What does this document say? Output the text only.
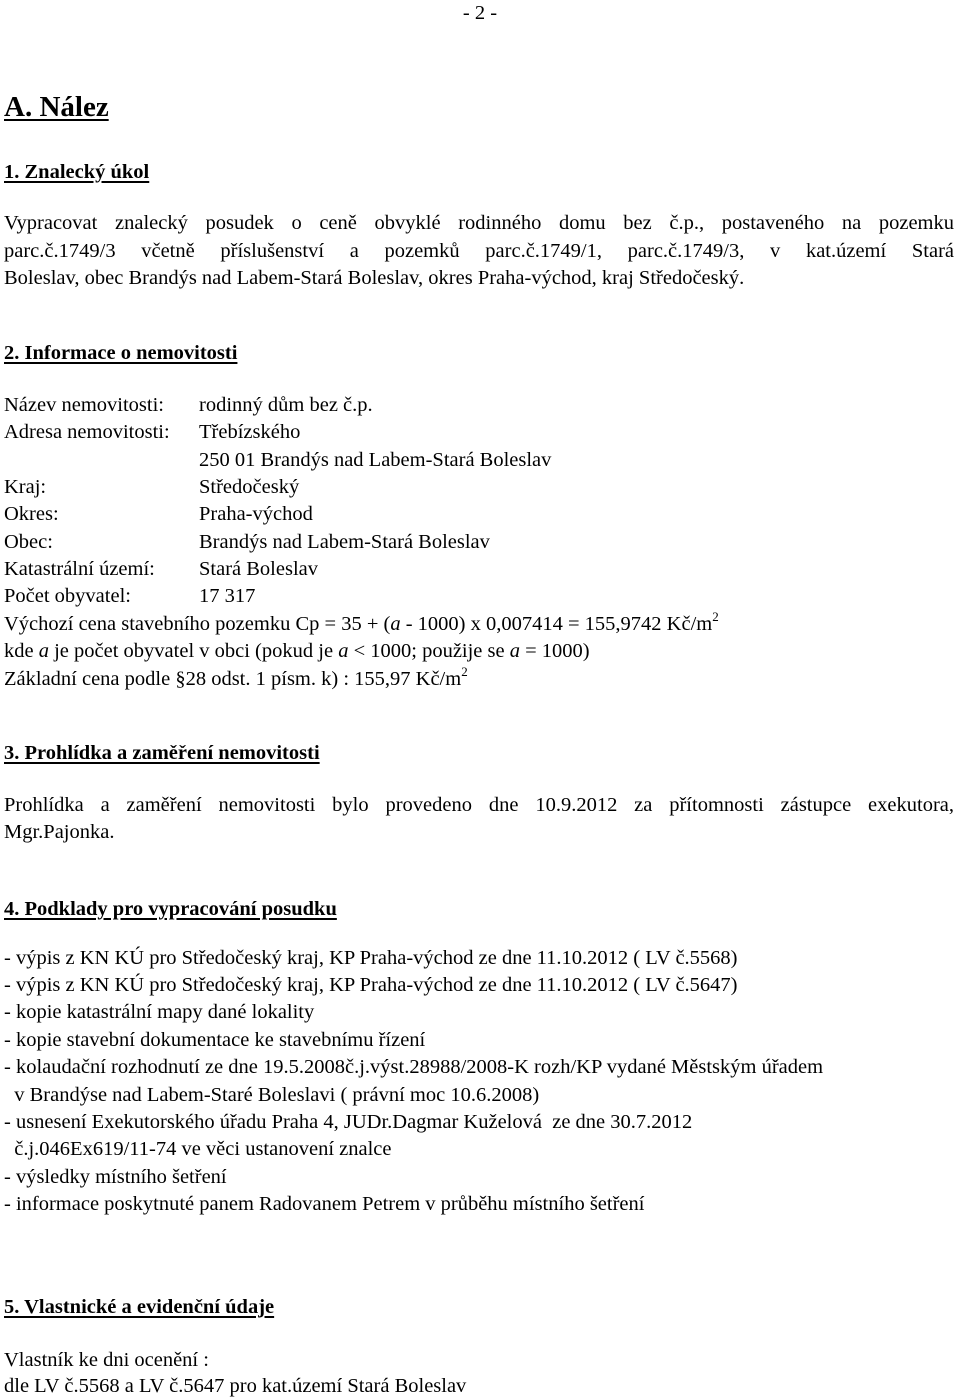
- 2 -
A. Nález
1. Znalecký úkol
Vypracovat znalecký posudek o ceně obvyklé rodinného domu bez č.p., postaveného na pozemku
parc.č.1749/3 včetně příslušenství a pozemků parc.č.1749/1, parc.č.1749/3, v kat.území Stará
Boleslav, obec Brandýs nad Labem-Stará Boleslav, okres Praha-východ, kraj Středočeský.
2. Informace o nemovitosti
Název nemovitosti: rodinný dům bez č.p.
Adresa nemovitosti: Třebízského
250 01 Brandýs nad Labem-Stará Boleslav
Kraj:	Středočeský
Okres:	Praha-východ
Obec:	Brandýs nad Labem-Stará Boleslav
Katastrální území: Stará Boleslav
Počet obyvatel:	17 317
Výchozí cena stavebního pozemku Cp = 35 + (a - 1000) x 0,007414 = 155,9742 $Kč/m^2$
kde a je počet obyvatel v obci (pokud je a < 1000; použije se a = 1000)
Základní cena podle §28 odst. 1 písm. k) : 155,97 $Kč/m^2$
3. Prohlídka a zaměření nemovitosti
Prohlídka a zaměření nemovitosti bylo provedeno dne 10.9.2012 za přítomnosti zástupce exekutora,
Mgr.Pajonka.
4. Podklady pro vypracování posudku
- výpis z KN KÚ pro Středočeský kraj, KP Praha-východ ze dne 11.10.2012 ( LV č.5568)
- výpis z KN KÚ pro Středočeský kraj, KP Praha-východ ze dne 11.10.2012 ( LV č.5647)
- kopie katastrální mapy dané lokality
- kopie stavební dokumentace ke stavebnímu řízení
- kolaudační rozhodnutí ze dne 19.5.2008č.j.výst.28988/2008-K rozh/KP vydané Městským úřadem
v Brandýse nad Labem-Staré Boleslavi ( právní moc 10.6.2008)
- usnesení Exekutorského úřadu Praha 4, JUDr.Dagmar Kuželová  ze dne 30.7.2012
č.j.046Ex619/11-74 ve věci ustanovení znalce
- výsledky místního šetření
- informace poskytnuté panem Radovanem Petrem v průběhu místního šetření
5. Vlastnické a evidenční údaje
Vlastník ke dni ocenění :
dle LV č.5568 a LV č.5647 pro kat.území Stará Boleslav
